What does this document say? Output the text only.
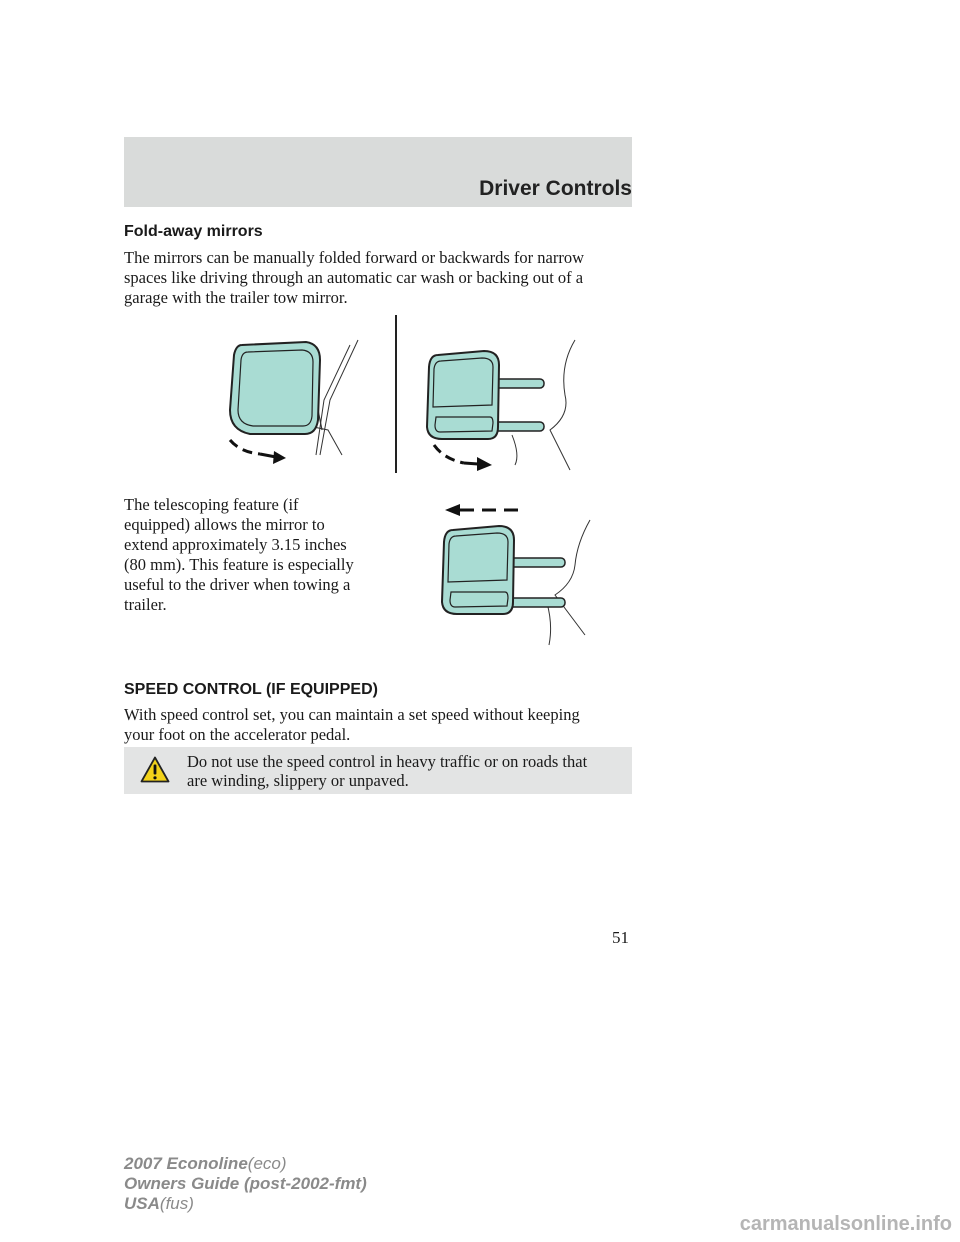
Driver Controls
Fold-away mirrors
The mirrors can be manually folded forward or backwards for narrow
spaces like driving through an automatic car wash or backing out of a
garage with the trailer tow mirror.
The telescoping feature (if
equipped) allows the mirror to
extend approximately 3.15 inches
(80 mm). This feature is especially
useful to the driver when towing a
trailer.
SPEED CONTROL (IF EQUIPPED)
With speed control set, you can maintain a set speed without keeping
your foot on the accelerator pedal.
Do not use the speed control in heavy traffic or on roads that
are winding, slippery or unpaved.
51
2007 Econoline(eco)
Owners Guide (post-2002-fmt)
USA(fus)
carmanualsonline.info
